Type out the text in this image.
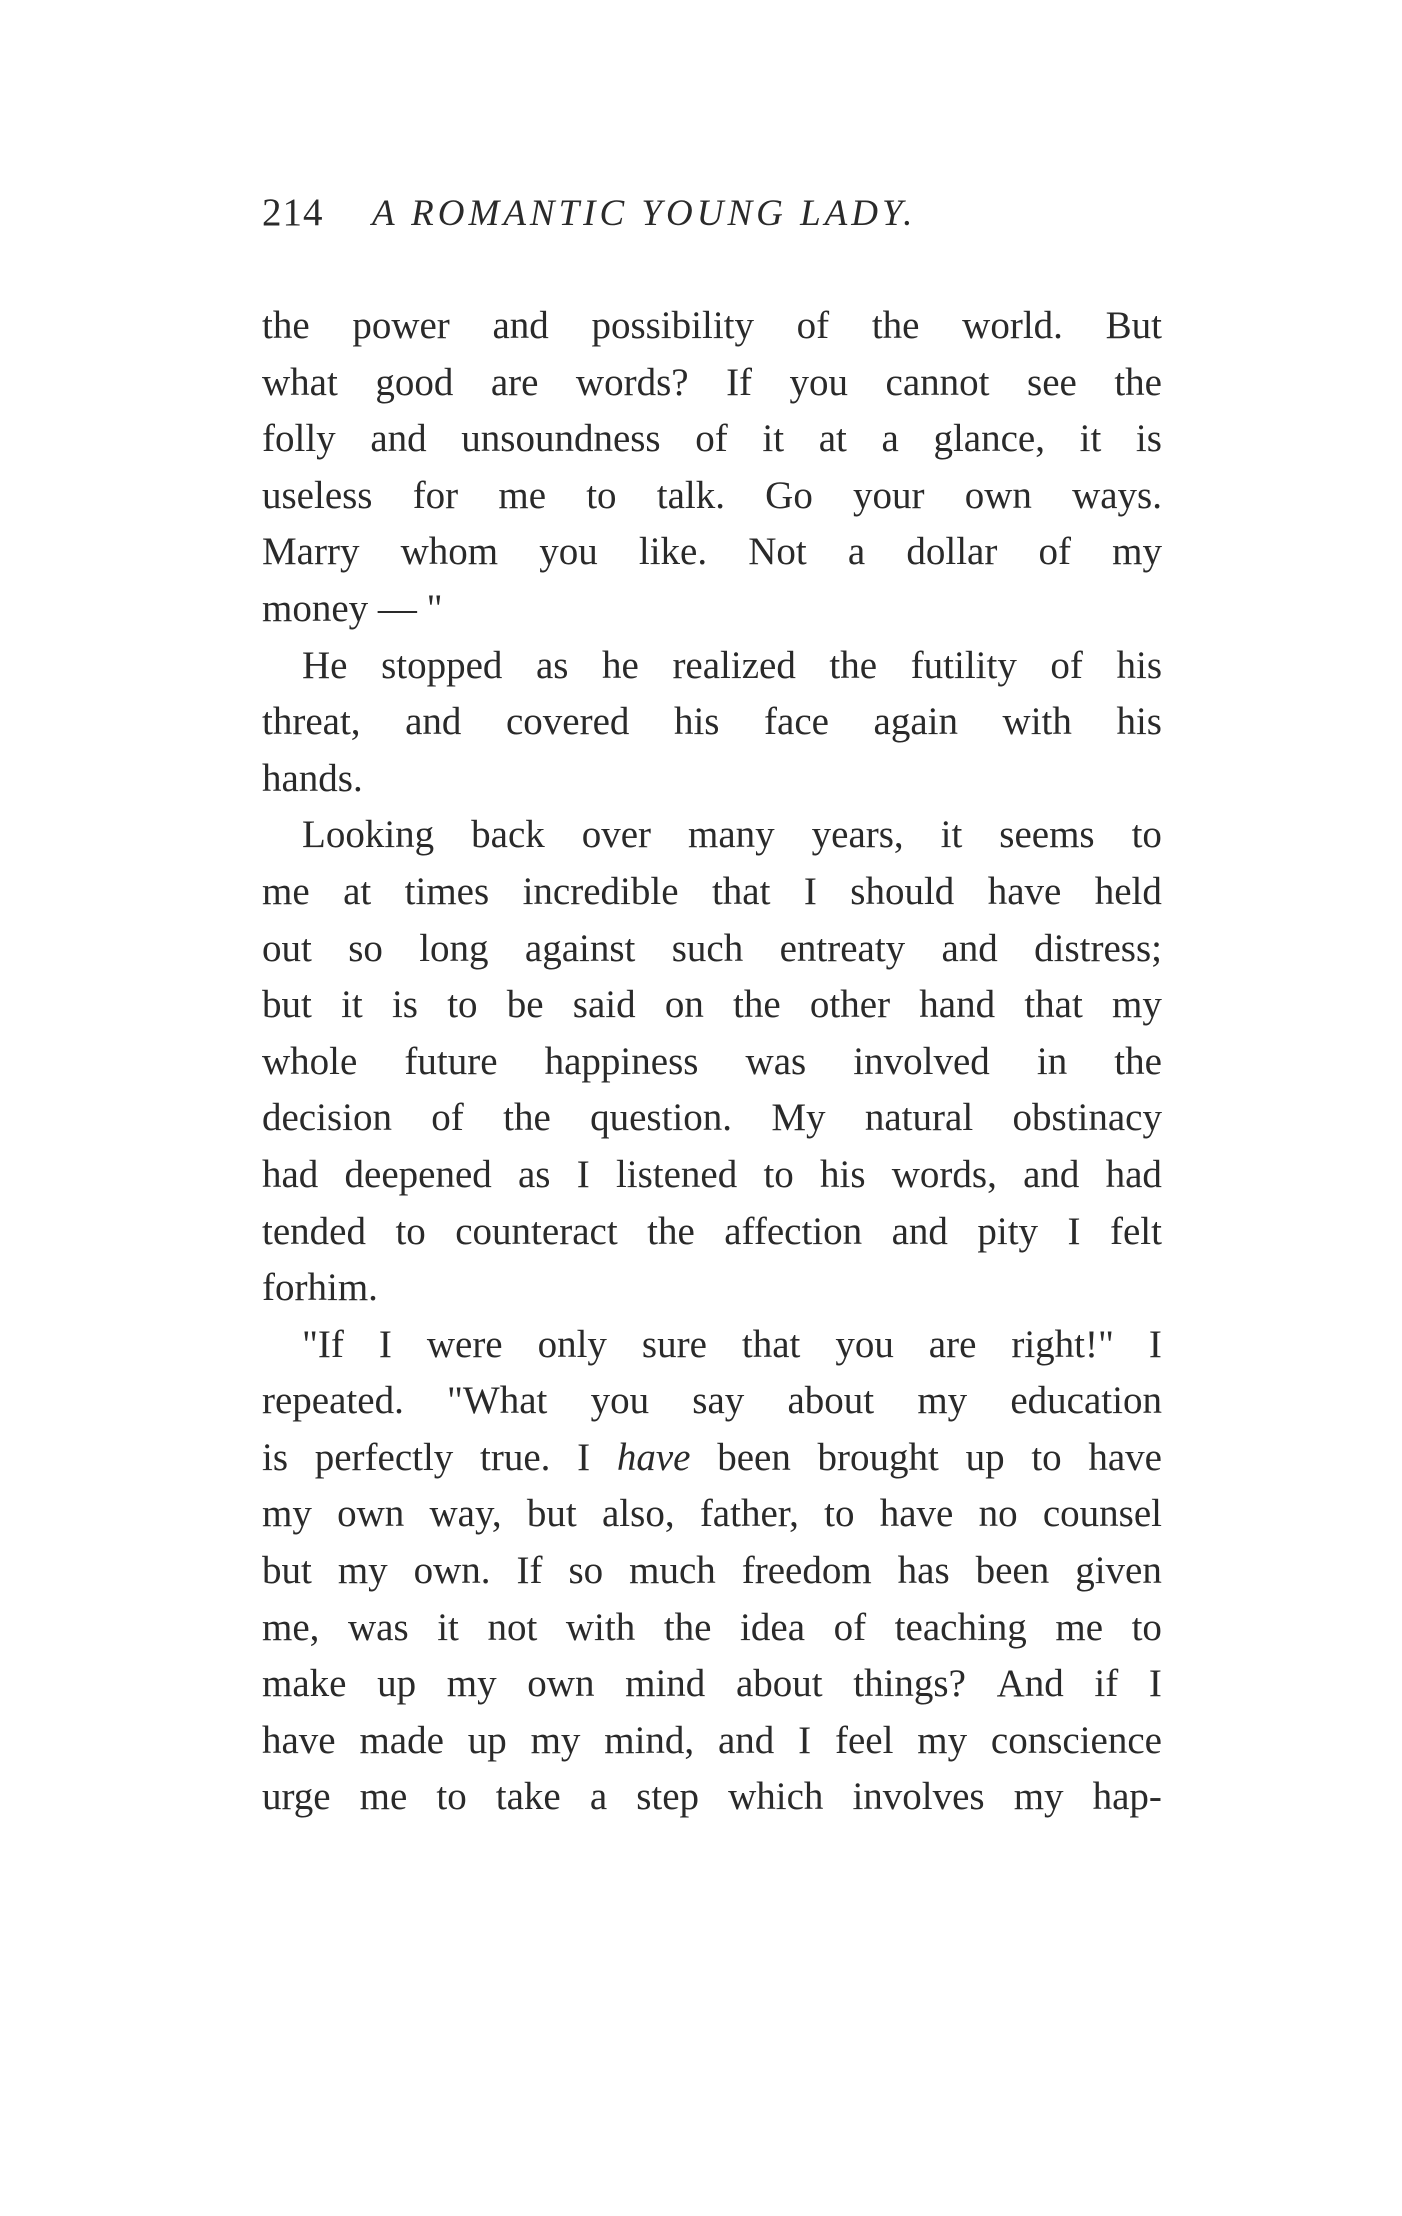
214	A ROMANTIC YOUNG LADY.
the power and possibility of the world. But
what good are words? If you cannot see the
folly and unsoundness of it at a glance, it is
useless for me to talk. Go your own ways.
Marry whom you like. Not a dollar of my
money — "
He stopped as he realized the futility of his
threat, and covered his face again with his
hands.
Looking back over many years, it seems to
me at times incredible that I should have held
out so long against such entreaty and distress;
but it is to be said on the other hand that my
whole future happiness was involved in the
decision of the question. My natural obstinacy
had deepened as I listened to his words, and had
tended to counteract the affection and pity I felt
for him.
"If I were only sure that you are right!" I
repeated. "What you say about my education
is perfectly true. I have been brought up to have
my own way, but also, father, to have no counsel
but my own. If so much freedom has been given
me, was it not with the idea of teaching me to
make up my own mind about things? And if I
have made up my mind, and I feel my conscience
urge me to take a step which involves my hap-
